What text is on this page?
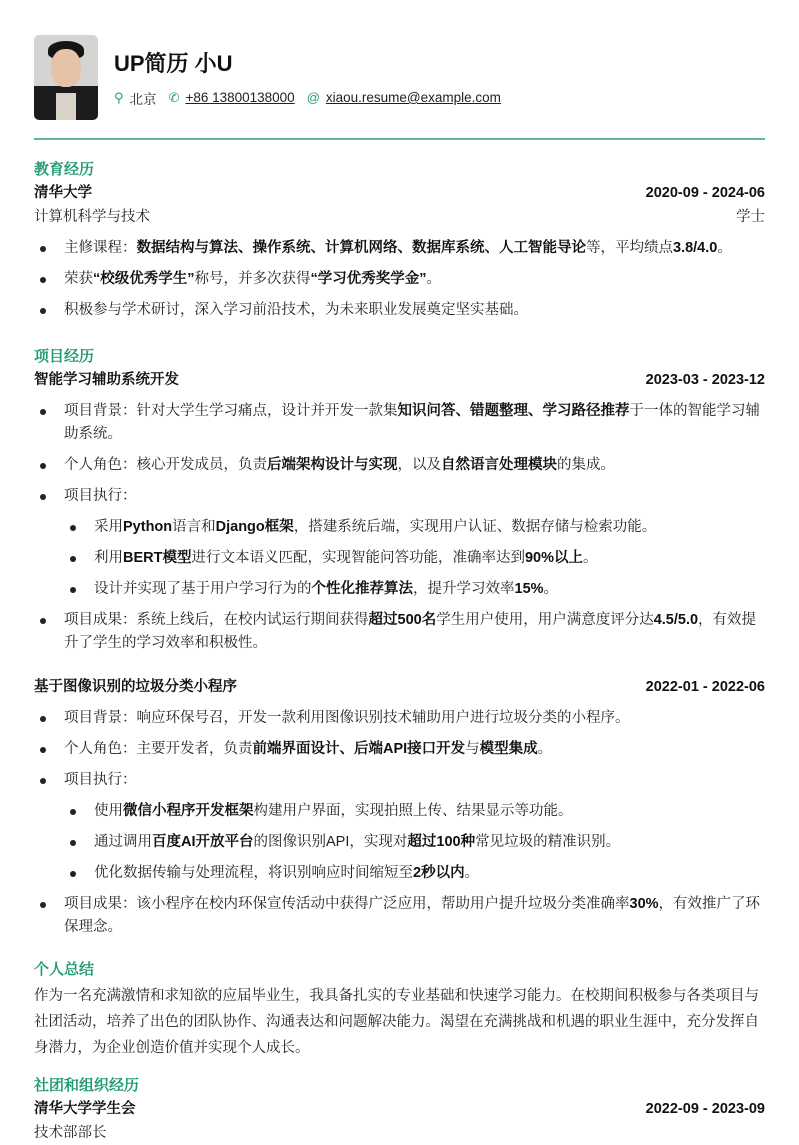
UP简历 小U
⚲ 北京 ✆ +86 13800138000 @ xiaou.resume@example.com
教育经历
清华大学	2020-09 - 2024-06
计算机科学与技术	学士
主修课程：数据结构与算法、操作系统、计算机网络、数据库系统、人工智能导论等，平均绩点3.8/4.0。
荣获“校级优秀学生”称号，并多次获得“学习优秀奖学金”。
积极参与学术研讨，深入学习前沿技术，为未来职业发展奠定坚实基础。
项目经历
智能学习辅助系统开发	2023-03 - 2023-12
项目背景：针对大学生学习痛点，设计并开发一款集知识问答、错题整理、学习路径推荐于一体的智能学习辅助系统。
个人角色：核心开发成员，负责后端架构设计与实现，以及自然语言处理模块的集成。
项目执行：
采用Python语言和Django框架，搭建系统后端，实现用户认证、数据存储与检索功能。
利用BERT模型进行文本语义匹配，实现智能问答功能，准确率达到90%以上。
设计并实现了基于用户学习行为的个性化推荐算法，提升学习效率15%。
项目成果：系统上线后，在校内试运行期间获得超过500名学生用户使用，用户满意度评分达4.5/5.0，有效提升了学生的学习效率和积极性。
基于图像识别的垃圾分类小程序	2022-01 - 2022-06
项目背景：响应环保号召，开发一款利用图像识别技术辅助用户进行垃圾分类的小程序。
个人角色：主要开发者，负责前端界面设计、后端API接口开发与模型集成。
项目执行：
使用微信小程序开发框架构建用户界面，实现拍照上传、结果显示等功能。
通过调用百度AI开放平台的图像识别API，实现对超过100种常见垃圾的精准识别。
优化数据传输与处理流程，将识别响应时间缩短至2秒以内。
项目成果：该小程序在校内环保宣传活动中获得广泛应用，帮助用户提升垃圾分类准确率30%，有效推广了环保理念。
个人总结
作为一名充满激情和求知欲的应届毕业生，我具备扎实的专业基础和快速学习能力。在校期间积极参与各类项目与社团活动，培养了出色的团队协作、沟通表达和问题解决能力。渴望在充满挑战和机遇的职业生涯中，充分发挥自身潜力，为企业创造价值并实现个人成长。
社团和组织经历
清华大学学生会	2022-09 - 2023-09
技术部部长
